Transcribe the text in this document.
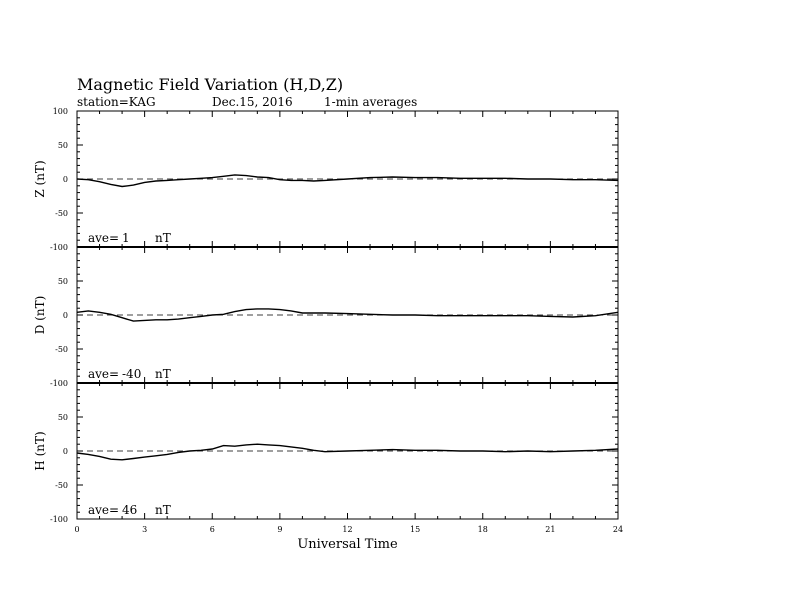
Magnetic Field Variation (H,D,Z)
station=KAG	Dec.15, 2016	1-min averages
100
50
0
-50
-100
Z (nT)
ave= 1 nT
50
0
-50
-100
D (nT)
ave= -40 nT
50
0
-50
-100
H (nT)
ave= 46 nT
0	3	6	9	12	15	18	21	24
Universal Time
